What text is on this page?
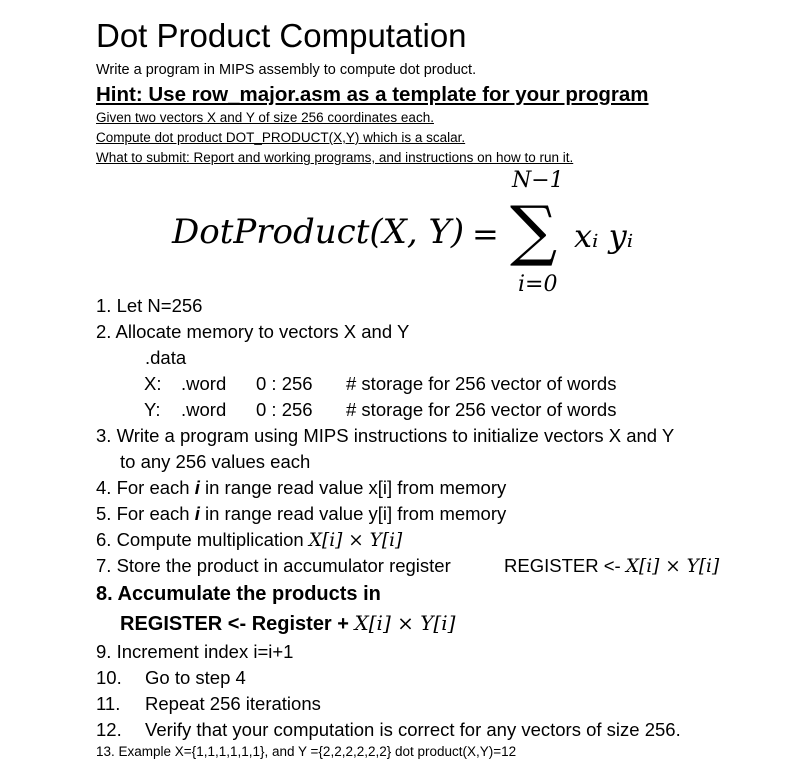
Dot Product Computation
Write a program in MIPS assembly to compute dot product.
Hint: Use row_major.asm as a template for your program
Given two vectors X and Y of size 256 coordinates each.
Compute dot product DOT_PRODUCT(X,Y) which is a scalar.
What to submit: Report and working programs, and instructions on how to run it.
DotProduct(X, Y) =
N−1
∑
i=0
xᵢ yᵢ
1. Let N=256
2. Allocate memory to vectors X and Y
.data
X: .word 0 : 256 # storage for 256 vector of words
Y: .word 0 : 256 # storage for 256 vector of words
3. Write a program using MIPS instructions to initialize vectors X and Y
to any 256 values each
4. For each i in range read value x[i] from memory
5. For each i in range read value y[i] from memory
6. Compute multiplication X[i] × Y[i]
7. Store the product in accumulator register	REGISTER <- X[i] × Y[i]
8. Accumulate the products in
REGISTER <- Register + X[i] × Y[i]
9. Increment index i=i+1
10. Go to step 4
11. Repeat 256 iterations
12. Verify that your computation is correct for any vectors of size 256.
13. Example X={1,1,1,1,1,1}, and Y ={2,2,2,2,2,2} dot product(X,Y)=12
